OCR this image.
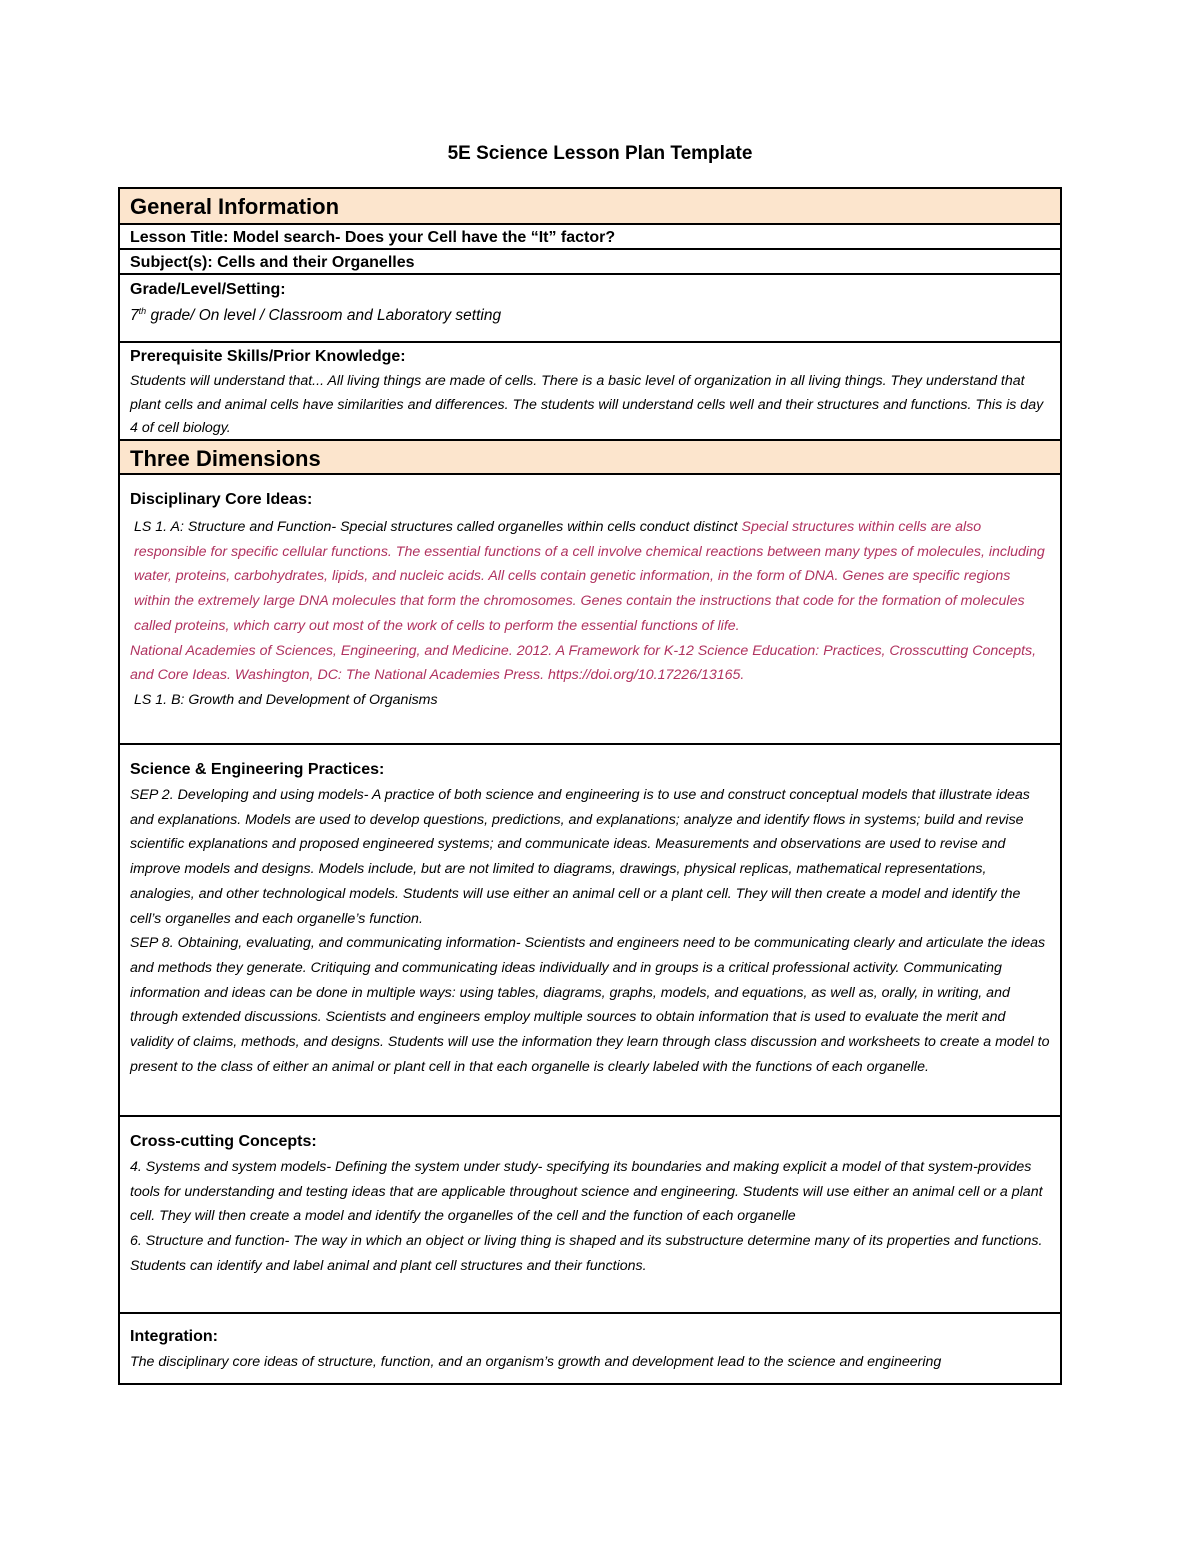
5E Science Lesson Plan Template
General Information
Lesson Title: Model search- Does your Cell have the “It” factor?
Subject(s): Cells and their Organelles
Grade/Level/Setting:
7th grade/ On level / Classroom and Laboratory setting
Prerequisite Skills/Prior Knowledge:
Students will understand that... All living things are made of cells. There is a basic level of organization in all living things. They understand that plant cells and animal cells have similarities and differences. The students will understand cells well and their structures and functions. This is day 4 of cell biology.
Three Dimensions
Disciplinary Core Ideas:
LS 1. A: Structure and Function- Special structures called organelles within cells conduct distinct Special structures within cells are also responsible for specific cellular functions. The essential functions of a cell involve chemical reactions between many types of molecules, including water, proteins, carbohydrates, lipids, and nucleic acids. All cells contain genetic information, in the form of DNA. Genes are specific regions within the extremely large DNA molecules that form the chromosomes. Genes contain the instructions that code for the formation of molecules called proteins, which carry out most of the work of cells to perform the essential functions of life.
National Academies of Sciences, Engineering, and Medicine. 2012. A Framework for K-12 Science Education: Practices, Crosscutting Concepts, and Core Ideas. Washington, DC: The National Academies Press. https://doi.org/10.17226/13165.
LS 1. B: Growth and Development of Organisms
Science & Engineering Practices:
SEP 2. Developing and using models- A practice of both science and engineering is to use and construct conceptual models that illustrate ideas and explanations. Models are used to develop questions, predictions, and explanations; analyze and identify flows in systems; build and revise scientific explanations and proposed engineered systems; and communicate ideas. Measurements and observations are used to revise and improve models and designs. Models include, but are not limited to diagrams, drawings, physical replicas, mathematical representations, analogies, and other technological models. Students will use either an animal cell or a plant cell. They will then create a model and identify the cell’s organelles and each organelle’s function.
SEP 8. Obtaining, evaluating, and communicating information- Scientists and engineers need to be communicating clearly and articulate the ideas and methods they generate. Critiquing and communicating ideas individually and in groups is a critical professional activity. Communicating information and ideas can be done in multiple ways: using tables, diagrams, graphs, models, and equations, as well as, orally, in writing, and through extended discussions. Scientists and engineers employ multiple sources to obtain information that is used to evaluate the merit and validity of claims, methods, and designs. Students will use the information they learn through class discussion and worksheets to create a model to present to the class of either an animal or plant cell in that each organelle is clearly labeled with the functions of each organelle.
Cross-cutting Concepts:
4. Systems and system models- Defining the system under study- specifying its boundaries and making explicit a model of that system-provides tools for understanding and testing ideas that are applicable throughout science and engineering. Students will use either an animal cell or a plant cell. They will then create a model and identify the organelles of the cell and the function of each organelle
6. Structure and function- The way in which an object or living thing is shaped and its substructure determine many of its properties and functions. Students can identify and label animal and plant cell structures and their functions.
Integration:
The disciplinary core ideas of structure, function, and an organism’s growth and development lead to the science and engineering
